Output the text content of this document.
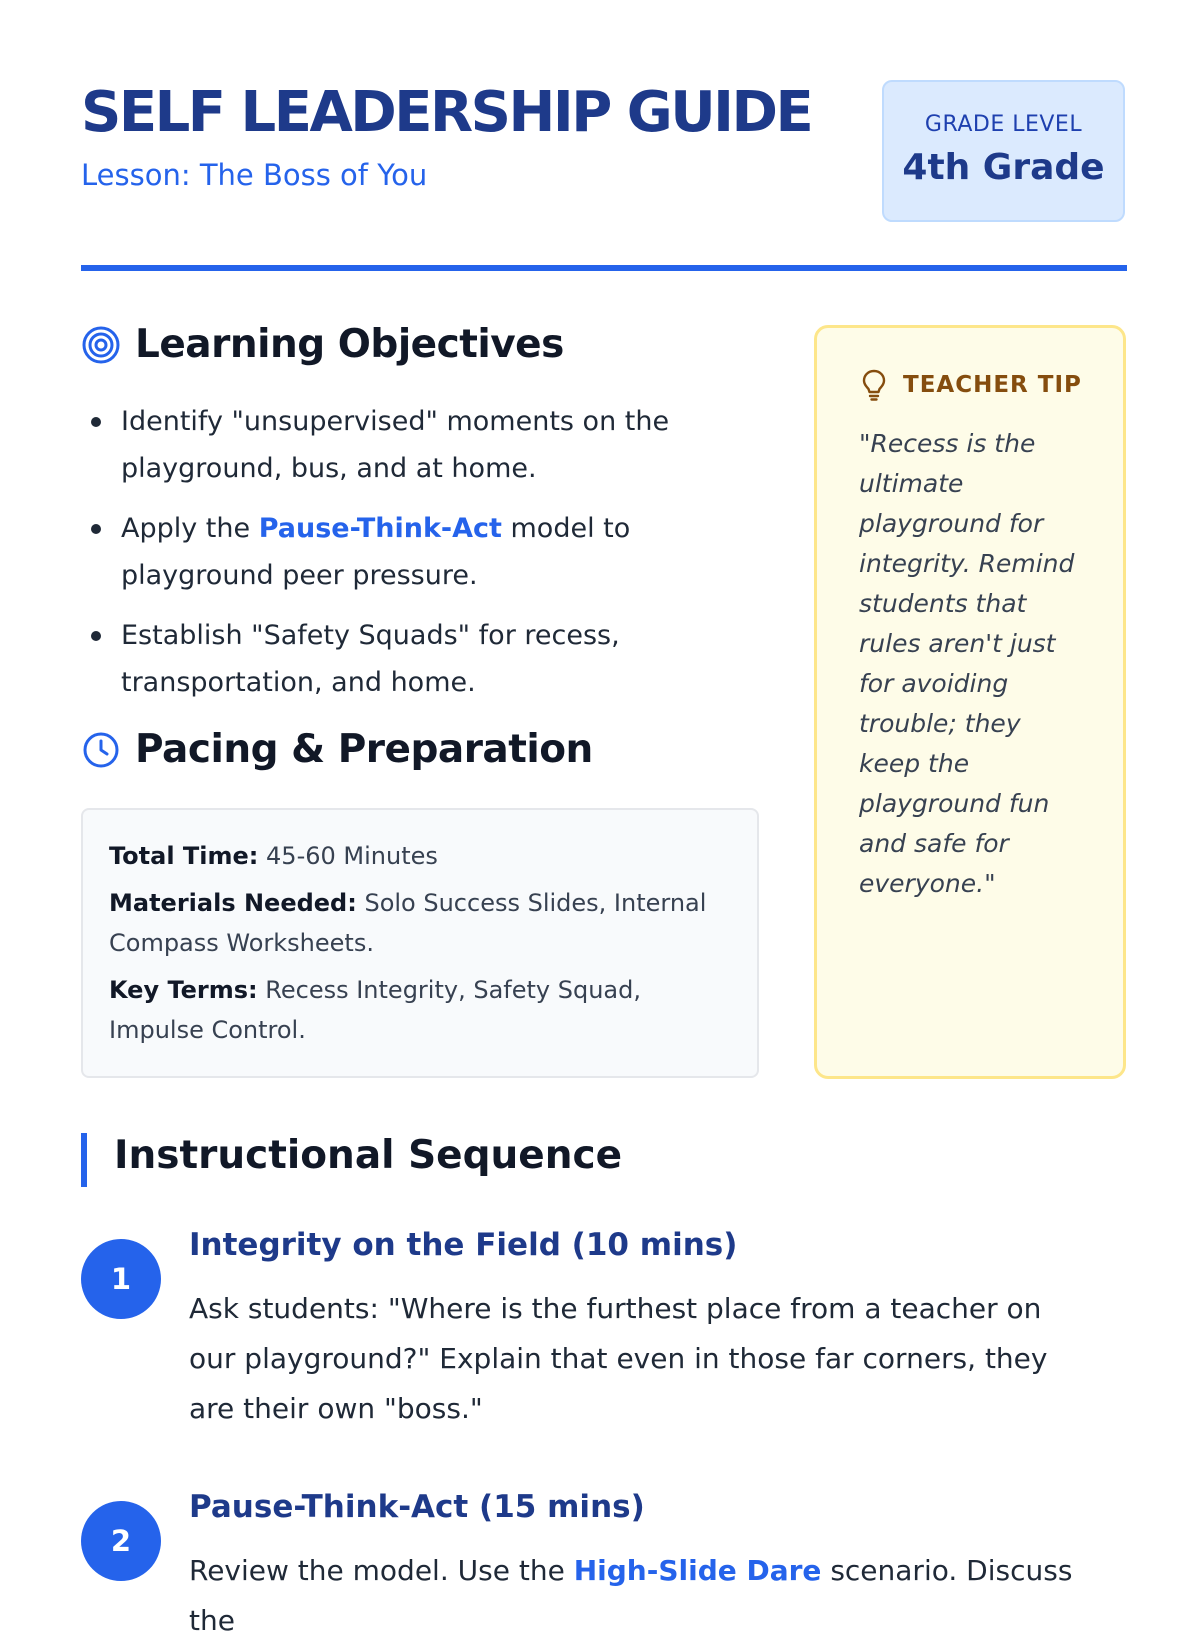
SELF LEADERSHIP GUIDE
Lesson: The Boss of You
GRADE LEVEL
4th Grade
Learning Objectives
Identify "unsupervised" moments on the playground, bus, and at home.
Apply the Pause-Think-Act model to playground peer pressure.
Establish "Safety Squads" for recess, transportation, and home.
Pacing & Preparation

Total Time: 45-60 Minutes

Materials Needed: Solo Success Slides, Internal Compass Worksheets.

Key Terms: Recess Integrity, Safety Squad, Impulse Control.

TEACHER TIP

"Recess is the ultimate playground for integrity. Remind students that rules aren't just for avoiding trouble; they keep the playground fun and safe for everyone."

Instructional Sequence
1
Integrity on the Field (10 mins)

Ask students: "Where is the furthest place from a teacher on our playground?" Explain that even in those far corners, they are their own "boss."

2
Pause-Think-Act (15 mins)

Review the model. Use the High-Slide Dare scenario. Discuss the
